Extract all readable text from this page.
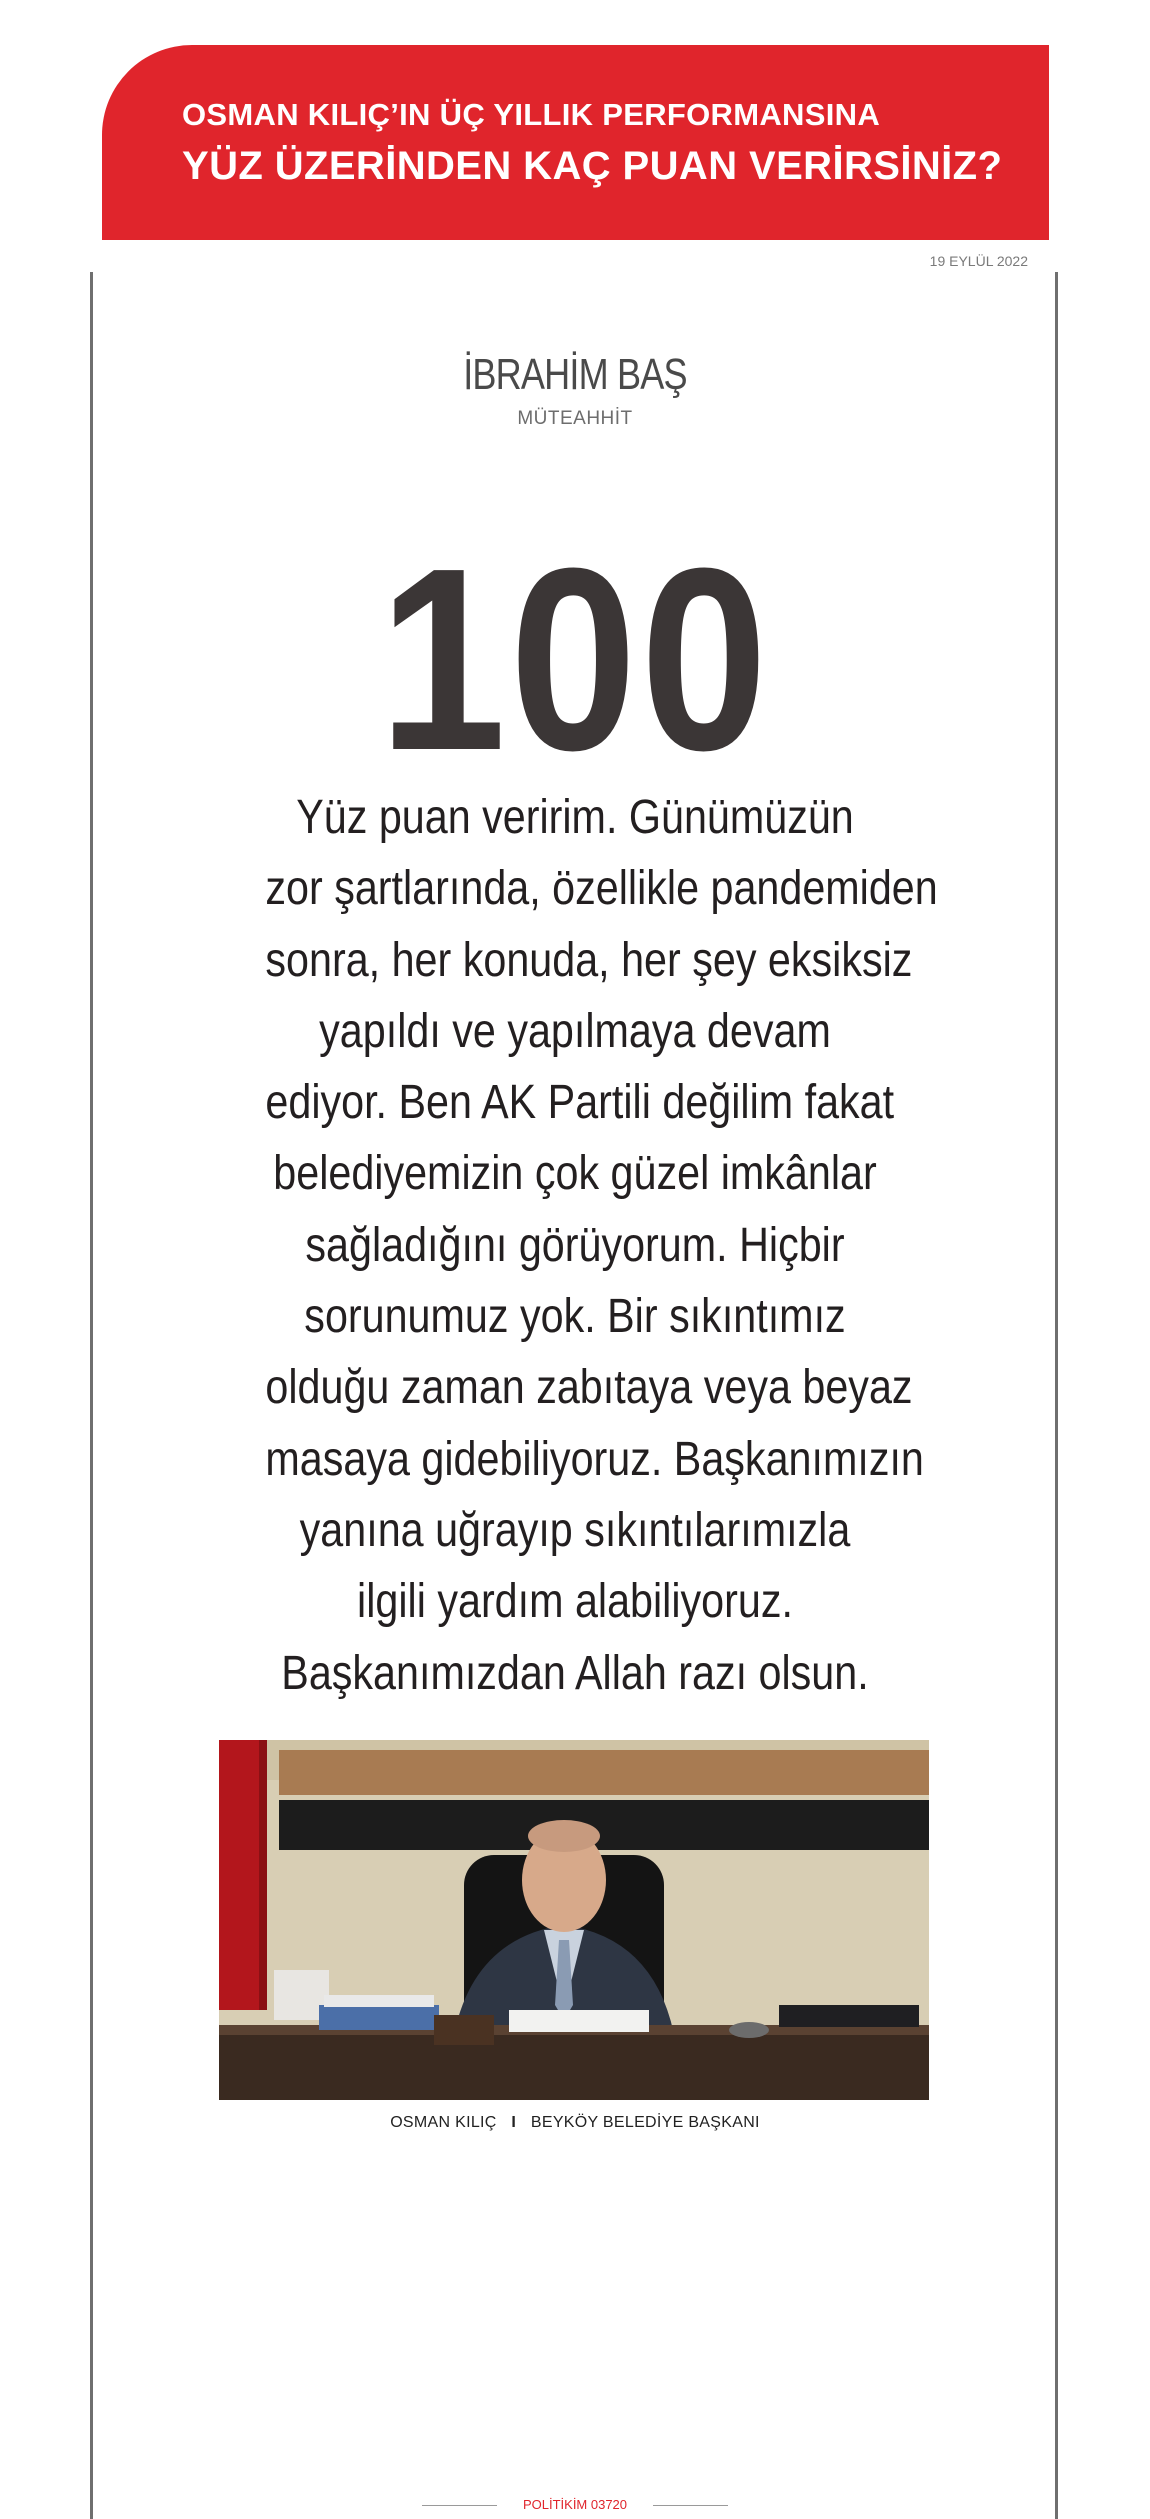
OSMAN KILIÇ’IN ÜÇ YILLIK PERFORMANSINA
YÜZ ÜZERİNDEN KAÇ PUAN VERİRSİNİZ?
19 EYLÜL 2022
İBRAHİM BAŞ
MÜTEAHHİT
100
Yüz puan veririm. Günümüzün
zor şartlarında, özellikle pandemiden
sonra, her konuda, her şey eksiksiz
yapıldı ve yapılmaya devam
ediyor. Ben AK Partili değilim fakat
belediyemizin çok güzel imkânlar
sağladığını görüyorum. Hiçbir
sorunumuz yok. Bir sıkıntımız
olduğu zaman zabıtaya veya beyaz
masaya gidebiliyoruz. Başkanımızın
yanına uğrayıp sıkıntılarımızla
ilgili yardım alabiliyoruz.
Başkanımızdan Allah razı olsun.
OSMAN KILIÇ I BEYKÖY BELEDİYE BAŞKANI
POLİTİKİM 03720
